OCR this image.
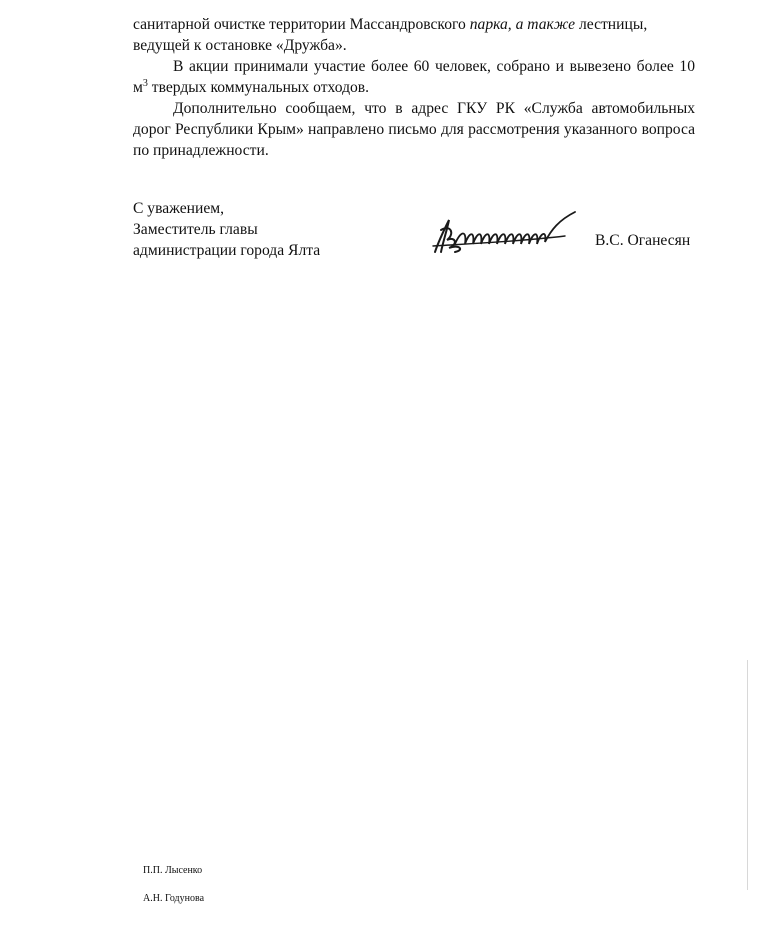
санитарной очистке территории Массандровского парка, а также лестницы,
ведущей к остановке «Дружба».

В акции принимали участие более 60 человек, собрано и вывезено более 10 $м^3$ твердых коммунальных отходов.

Дополнительно сообщаем, что в адрес ГКУ РК «Служба автомобильных дорог Республики Крым» направлено письмо для рассмотрения указанного вопроса по принадлежности.

С уважением,
Заместитель главы
администрации города Ялта
В.С. Оганесян
П.П. Лысенко
А.Н. Годунова
